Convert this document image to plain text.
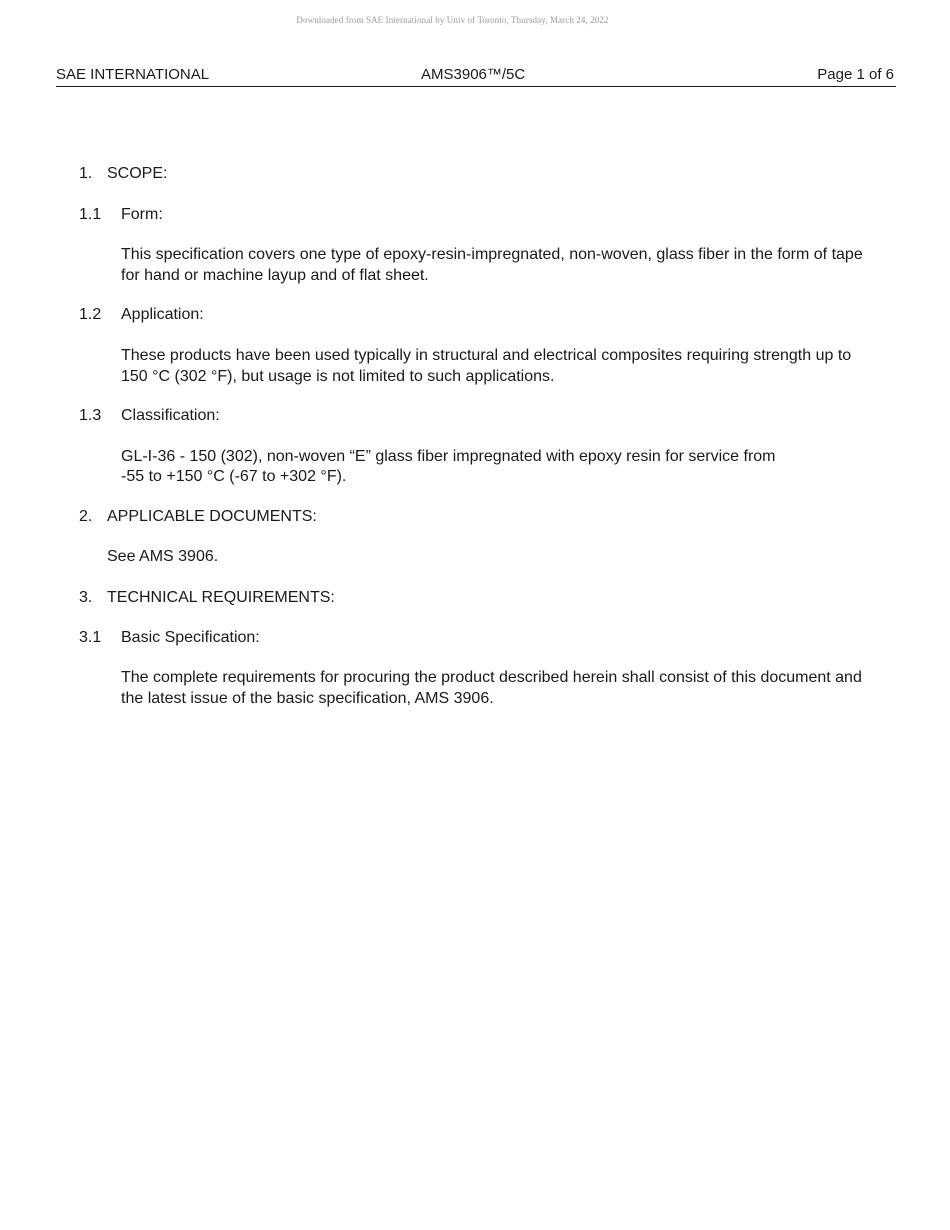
Downloaded from SAE International by Univ of Toronto, Thursday, March 24, 2022
SAE INTERNATIONAL	AMS3906™/5C	Page 1 of 6
1. SCOPE:
1.1 Form:
This specification covers one type of epoxy-resin-impregnated, non-woven, glass fiber in the form of tape for hand or machine layup and of flat sheet.
1.2 Application:
These products have been used typically in structural and electrical composites requiring strength up to 150 °C (302 °F), but usage is not limited to such applications.
1.3 Classification:
GL-I-36 - 150 (302), non-woven “E” glass fiber impregnated with epoxy resin for service from
-55 to +150 °C (-67 to +302 °F).
2. APPLICABLE DOCUMENTS:
See AMS 3906.
3. TECHNICAL REQUIREMENTS:
3.1 Basic Specification:
The complete requirements for procuring the product described herein shall consist of this document and the latest issue of the basic specification, AMS 3906.
